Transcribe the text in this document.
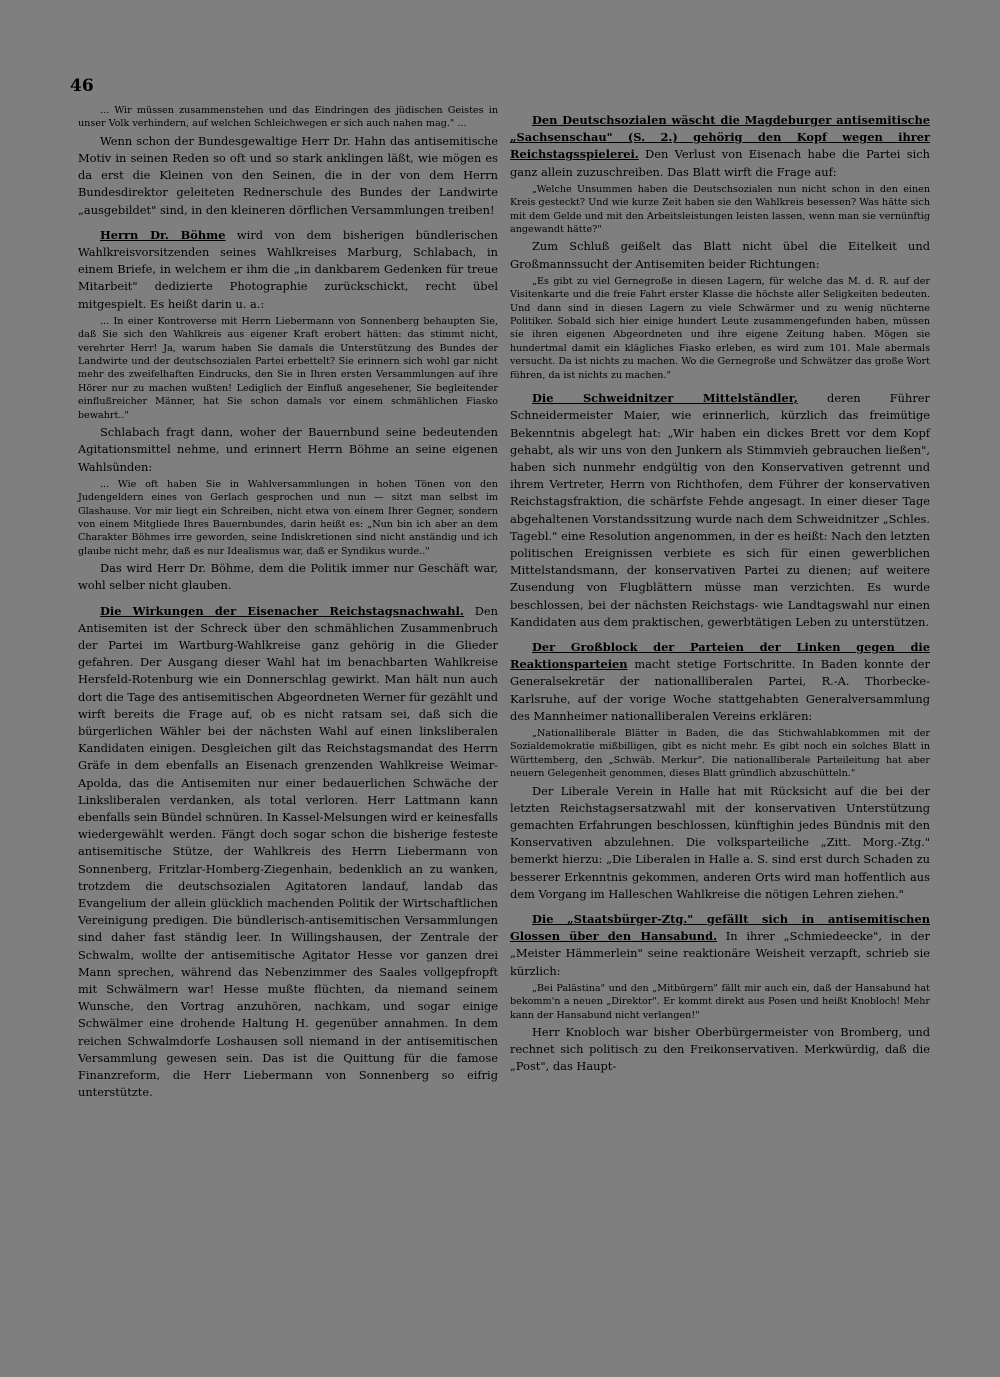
46

... Wir müssen zusammenstehen und das Eindringen des jüdischen Geistes in unser Volk verhindern, auf welchen Schleichwegen er sich auch nahen mag." ...

Wenn schon der Bundesgewaltige Herr Dr. Hahn das antisemitische Motiv in seinen Reden so oft und so stark anklingen läßt, wie mögen es da erst die Kleinen von den Seinen, die in der von dem Herrn Bundesdirektor geleiteten Rednerschule des Bundes der Landwirte „ausgebildet" sind, in den kleineren dörflichen Versammlungen treiben!

Herrn Dr. Böhme wird von dem bisherigen bündlerischen Wahlkreisvorsitzenden seines Wahlkreises Marburg, Schlabach, in einem Briefe, in welchem er ihm die „in dankbarem Gedenken für treue Mitarbeit" dedizierte Photographie zurückschickt, recht übel mitgespielt. Es heißt darin u. a.:

... In einer Kontroverse mit Herrn Liebermann von Sonnenberg behaupten Sie, daß Sie sich den Wahlkreis aus eigener Kraft erobert hätten: das stimmt nicht, verehrter Herr! Ja, warum haben Sie damals die Unterstützung des Bundes der Landwirte und der deutschsozialen Partei erbettelt? Sie erinnern sich wohl gar nicht mehr des zweifelhaften Eindrucks, den Sie in Ihren ersten Versammlungen auf ihre Hörer nur zu machen wußten! Lediglich der Einfluß angesehener, Sie begleitender einflußreicher Männer, hat Sie schon damals vor einem schmählichen Fiasko bewahrt.."

Schlabach fragt dann, woher der Bauernbund seine bedeutenden Agitationsmittel nehme, und erinnert Herrn Böhme an seine eigenen Wahlsünden:

... Wie oft haben Sie in Wahlversammlungen in hohen Tönen von den Judengeldern eines von Gerlach gesprochen und nun — sitzt man selbst im Glashause. Vor mir liegt ein Schreiben, nicht etwa von einem Ihrer Gegner, sondern von einem Mitgliede Ihres Bauernbundes, darin heißt es: „Nun bin ich aber an dem Charakter Böhmes irre geworden, seine Indiskretionen sind nicht anständig und ich glaube nicht mehr, daß es nur Idealismus war, daß er Syndikus wurde.."

Das wird Herr Dr. Böhme, dem die Politik immer nur Geschäft war, wohl selber nicht glauben.

Die Wirkungen der Eisenacher Reichstagsnachwahl. Den Antisemiten ist der Schreck über den schmählichen Zusammenbruch der Partei im Wartburg-Wahlkreise ganz gehörig in die Glieder gefahren. Der Ausgang dieser Wahl hat im benachbarten Wahlkreise Hersfeld-Rotenburg wie ein Donnerschlag gewirkt. Man hält nun auch dort die Tage des antisemitischen Abgeordneten Werner für gezählt und wirft bereits die Frage auf, ob es nicht ratsam sei, daß sich die bürgerlichen Wähler bei der nächsten Wahl auf einen linksliberalen Kandidaten einigen. Desgleichen gilt das Reichstagsmandat des Herrn Gräfe in dem ebenfalls an Eisenach grenzenden Wahlkreise Weimar-Apolda, das die Antisemiten nur einer bedauerlichen Schwäche der Linksliberalen verdanken, als total verloren. Herr Lattmann kann ebenfalls sein Bündel schnüren. In Kassel-Melsungen wird er keinesfalls wiedergewählt werden. Fängt doch sogar schon die bisherige festeste antisemitische Stütze, der Wahlkreis des Herrn Liebermann von Sonnenberg, Fritzlar-Homberg-Ziegenhain, bedenklich an zu wanken, trotzdem die deutschsozialen Agitatoren landauf, landab das Evangelium der allein glücklich machenden Politik der Wirtschaftlichen Vereinigung predigen. Die bündlerisch-antisemitischen Versammlungen sind daher fast ständig leer. In Willingshausen, der Zentrale der Schwalm, wollte der antisemitische Agitator Hesse vor ganzen drei Mann sprechen, während das Nebenzimmer des Saales vollgepfropft mit Schwälmern war! Hesse mußte flüchten, da niemand seinem Wunsche, den Vortrag anzuhören, nachkam, und sogar einige Schwälmer eine drohende Haltung H. gegenüber annahmen. In dem reichen Schwalmdorfe Loshausen soll niemand in der antisemitischen Versammlung gewesen sein. Das ist die Quittung für die famose Finanzreform, die Herr Liebermann von Sonnenberg so eifrig unterstützte.

Den Deutschsozialen wäscht die Magdeburger antisemitische „Sachsenschau" (S. 2.) gehörig den Kopf wegen ihrer Reichstagsspielerei. Den Verlust von Eisenach habe die Partei sich ganz allein zuzuschreiben. Das Blatt wirft die Frage auf:

„Welche Unsummen haben die Deutschsozialen nun nicht schon in den einen Kreis gesteckt? Und wie kurze Zeit haben sie den Wahlkreis besessen? Was hätte sich mit dem Gelde und mit den Arbeitsleistungen leisten lassen, wenn man sie vernünftig angewandt hätte?"

Zum Schluß geißelt das Blatt nicht übel die Eitelkeit und Großmannssucht der Antisemiten beider Richtungen:

„Es gibt zu viel Gernegroße in diesen Lagern, für welche das M. d. R. auf der Visitenkarte und die freie Fahrt erster Klasse die höchste aller Seligkeiten bedeuten. Und dann sind in diesen Lagern zu viele Schwärmer und zu wenig nüchterne Politiker. Sobald sich hier einige hundert Leute zusammengefunden haben, müssen sie ihren eigenen Abgeordneten und ihre eigene Zeitung haben. Mögen sie hundertmal damit ein klägliches Fiasko erleben, es wird zum 101. Male abermals versucht. Da ist nichts zu machen. Wo die Gernegroße und Schwätzer das große Wort führen, da ist nichts zu machen."

Die Schweidnitzer Mittelständler, deren Führer Schneidermeister Maier, wie erinnerlich, kürzlich das freimütige Bekenntnis abgelegt hat: „Wir haben ein dickes Brett vor dem Kopf gehabt, als wir uns von den Junkern als Stimmvieh gebrauchen ließen", haben sich nunmehr endgültig von den Konservativen getrennt und ihrem Vertreter, Herrn von Richthofen, dem Führer der konservativen Reichstagsfraktion, die schärfste Fehde angesagt. In einer dieser Tage abgehaltenen Vorstandssitzung wurde nach dem Schweidnitzer „Schles. Tagebl." eine Resolution angenommen, in der es heißt: Nach den letzten politischen Ereignissen verbiete es sich für einen gewerblichen Mittelstandsmann, der konservativen Partei zu dienen; auf weitere Zusendung von Flugblättern müsse man verzichten. Es wurde beschlossen, bei der nächsten Reichstags- wie Landtagswahl nur einen Kandidaten aus dem praktischen, gewerbtätigen Leben zu unterstützen.

Der Großblock der Parteien der Linken gegen die Reaktionsparteien macht stetige Fortschritte. In Baden konnte der Generalsekretär der nationalliberalen Partei, R.-A. Thorbecke-Karlsruhe, auf der vorige Woche stattgehabten Generalversammlung des Mannheimer nationalliberalen Vereins erklären:

„Nationalliberale Blätter in Baden, die das Stichwahlabkommen mit der Sozialdemokratie mißbilligen, gibt es nicht mehr. Es gibt noch ein solches Blatt in Württemberg, den „Schwäb. Merkur". Die nationalliberale Parteileitung hat aber neuern Gelegenheit genommen, dieses Blatt gründlich abzuschütteln."

Der Liberale Verein in Halle hat mit Rücksicht auf die bei der letzten Reichstagsersatzwahl mit der konservativen Unterstützung gemachten Erfahrungen beschlossen, künftighin jedes Bündnis mit den Konservativen abzulehnen. Die volksparteiliche „Zitt. Morg.-Ztg." bemerkt hierzu: „Die Liberalen in Halle a. S. sind erst durch Schaden zu besserer Erkenntnis gekommen, anderen Orts wird man hoffentlich aus dem Vorgang im Halleschen Wahlkreise die nötigen Lehren ziehen."

Die „Staatsbürger-Ztg." gefällt sich in antisemitischen Glossen über den Hansabund. In ihrer „Schmiedeecke", in der „Meister Hämmerlein" seine reaktionäre Weisheit verzapft, schrieb sie kürzlich:

„Bei Palästina" und den „Mitbürgern" fällt mir auch ein, daß der Hansabund hat bekomm'n a neuen „Direktor". Er kommt direkt aus Posen und heißt Knobloch! Mehr kann der Hansabund nicht verlangen!"

Herr Knobloch war bisher Oberbürgermeister von Bromberg, und rechnet sich politisch zu den Freikonservativen. Merkwürdig, daß die „Post", das Haupt-
